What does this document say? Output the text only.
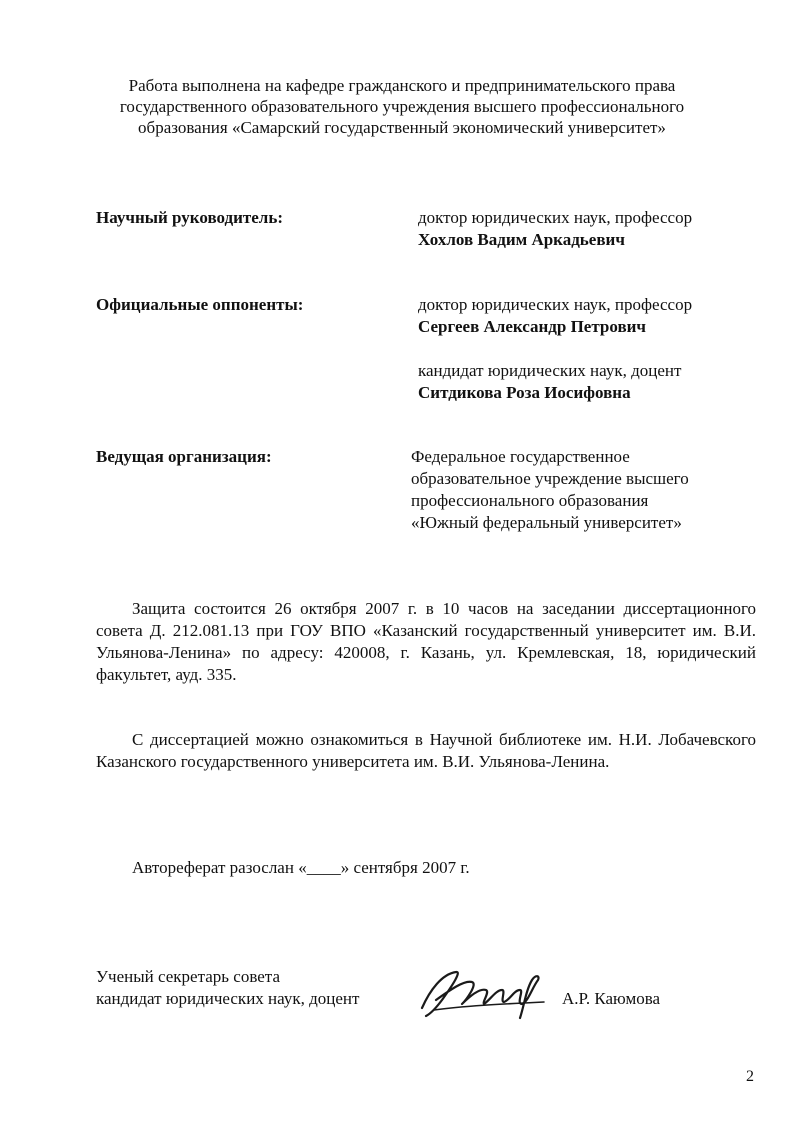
Работа выполнена на кафедре гражданского и предпринимательского права
государственного образовательного учреждения высшего профессионального
образования «Самарский государственный экономический университет»
Научный руководитель:	доктор юридических наук, профессор
Хохлов Вадим Аркадьевич
Официальные оппоненты:	доктор юридических наук, профессор
Сергеев Александр Петрович
кандидат юридических наук, доцент
Ситдикова Роза Иосифовна
Ведущая организация:	Федеральное государственное
образовательное учреждение высшего
профессионального образования
«Южный федеральный университет»
Защита состоится 26 октября 2007 г. в 10 часов на заседании диссертационного совета Д. 212.081.13 при ГОУ ВПО «Казанский государственный университет им. В.И. Ульянова-Ленина» по адресу: 420008, г. Казань, ул. Кремлевская, 18, юридический факультет, ауд. 335.
С диссертацией можно ознакомиться в Научной библиотеке им. Н.И. Лобачевского Казанского государственного университета им. В.И. Ульянова-Ленина.
Автореферат разослан «____» сентября 2007 г.
Ученый секретарь совета
кандидат юридических наук, доцент	А.Р. Каюмова
2
